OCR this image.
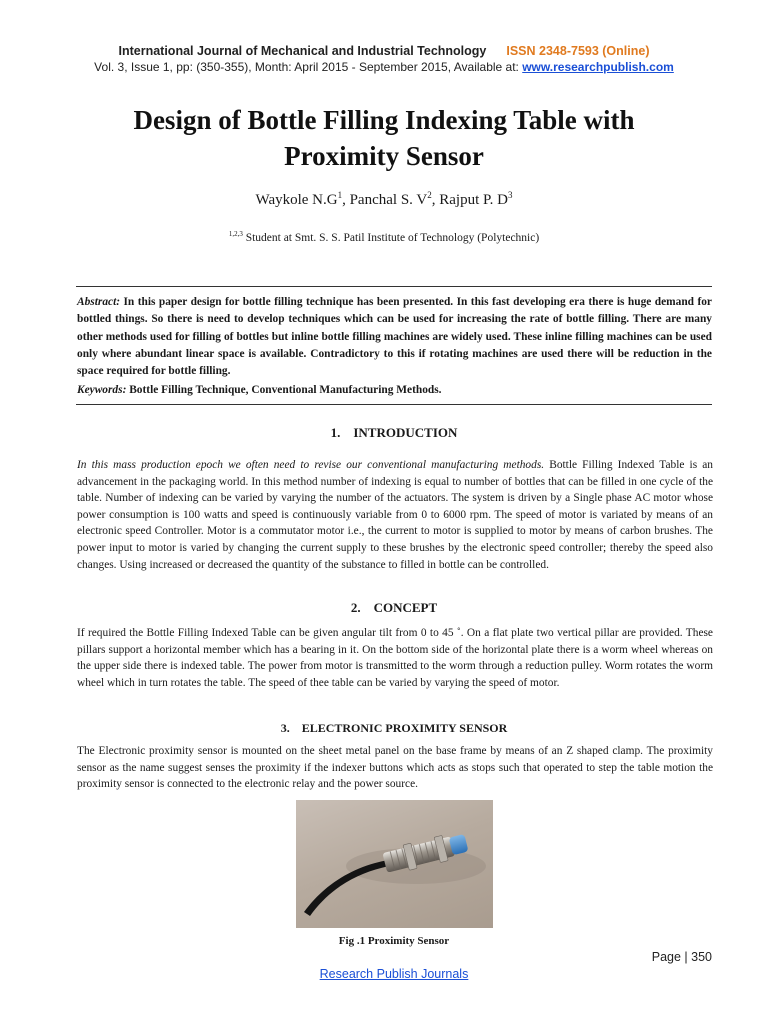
International Journal of Mechanical and Industrial Technology ISSN 2348-7593 (Online)
Vol. 3, Issue 1, pp: (350-355), Month: April 2015 - September 2015, Available at: www.researchpublish.com
Design of Bottle Filling Indexing Table with
Proximity Sensor
Waykole $N.G^1$, Panchal S. $V^2$, Rajput P. $D^3$
$^{1,2,3}$ Student at Smt. S. S. Patil Institute of Technology (Polytechnic)
Abstract: In this paper design for bottle filling technique has been presented. In this fast developing era there is huge demand for bottled things. So there is need to develop techniques which can be used for increasing the rate of bottle filling. There are many other methods used for filling of bottles but inline bottle filling machines are widely used. These inline filling machines can be used only where abundant linear space is available. Contradictory to this if rotating machines are used there will be reduction in the space required for bottle filling.
Keywords: Bottle Filling Technique, Conventional Manufacturing Methods.
1.    INTRODUCTION
In this mass production epoch we often need to revise our conventional manufacturing methods. Bottle Filling Indexed Table is an advancement in the packaging world. In this method number of indexing is equal to number of bottles that can be filled in one cycle of the table. Number of indexing can be varied by varying the number of the actuators. The system is driven by a Single phase AC motor whose power consumption is 100 watts and speed is continuously variable from 0 to 6000 rpm. The speed of motor is variated by means of an electronic speed Controller. Motor is a commutator motor i.e., the current to motor is supplied to motor by means of carbon brushes. The power input to motor is varied by changing the current supply to these brushes by the electronic speed controller; thereby the speed also changes. Using increased or decreased the quantity of the substance to filled in bottle can be controlled.
2.    CONCEPT
If required the Bottle Filling Indexed Table can be given angular tilt from 0 to 45 ˚. On a flat plate two vertical pillar are provided. These pillars support a horizontal member which has a bearing in it. On the bottom side of the horizontal plate there is a worm wheel whereas on the upper side there is indexed table. The power from motor is transmitted to the worm through a reduction pulley. Worm rotates the worm wheel which in turn rotates the table. The speed of thee table can be varied by varying the speed of motor.
3.    ELECTRONIC PROXIMITY SENSOR
The Electronic proximity sensor is mounted on the sheet metal panel on the base frame by means of an Z shaped clamp. The proximity sensor as the name suggest senses the proximity if the indexer buttons which acts as stops such that operated to step the table motion the proximity sensor is connected to the electronic relay and the power source.
Fig .1 Proximity Sensor
Page | 350
Research Publish Journals
